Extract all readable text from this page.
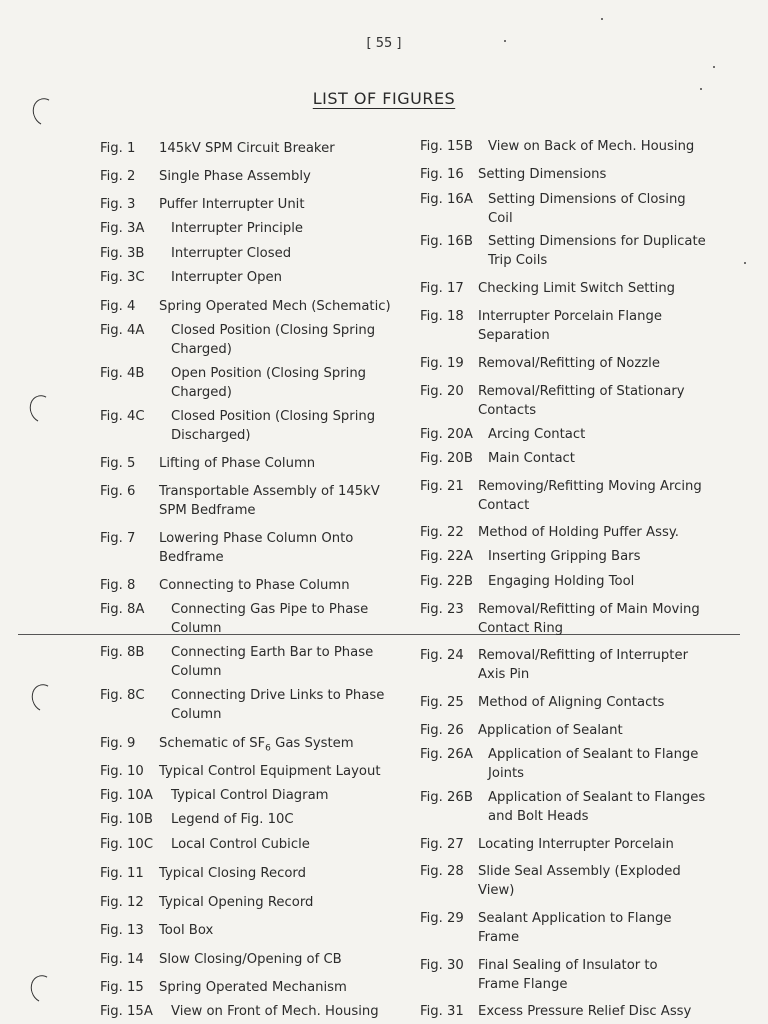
[ 55 ]
LIST OF FIGURES
Fig. 1 145kV SPM Circuit Breaker
Fig. 2 Single Phase Assembly
Fig. 3 Puffer Interrupter Unit
Fig. 3A Interrupter Principle
Fig. 3B Interrupter Closed
Fig. 3C Interrupter Open
Fig. 4 Spring Operated Mech (Schematic)
Fig. 4A Closed Position (Closing Spring
Charged)
Fig. 4B Open Position (Closing Spring
Charged)
Fig. 4C Closed Position (Closing Spring
Discharged)
Fig. 5 Lifting of Phase Column
Fig. 6 Transportable Assembly of 145kV
SPM Bedframe
Fig. 7 Lowering Phase Column Onto
Bedframe
Fig. 8 Connecting to Phase Column
Fig. 8A Connecting Gas Pipe to Phase
Column
Fig. 8B Connecting Earth Bar to Phase
Column
Fig. 8C Connecting Drive Links to Phase
Column
Fig. 9 Schematic of $SF_6$ Gas System
Fig. 10 Typical Control Equipment Layout
Fig. 10A Typical Control Diagram
Fig. 10B Legend of Fig. 10C
Fig. 10C Local Control Cubicle
Fig. 11 Typical Closing Record
Fig. 12 Typical Opening Record
Fig. 13 Tool Box
Fig. 14 Slow Closing/Opening of CB
Fig. 15 Spring Operated Mechanism
Fig. 15A View on Front of Mech. Housing
Fig. 15B View on Back of Mech. Housing
Fig. 16 Setting Dimensions
Fig. 16A Setting Dimensions of Closing
Coil
Fig. 16B Setting Dimensions for Duplicate
Trip Coils
Fig. 17 Checking Limit Switch Setting
Fig. 18 Interrupter Porcelain Flange
Separation
Fig. 19 Removal/Refitting of Nozzle
Fig. 20 Removal/Refitting of Stationary
Contacts
Fig. 20A Arcing Contact
Fig. 20B Main Contact
Fig. 21 Removing/Refitting Moving Arcing
Contact
Fig. 22 Method of Holding Puffer Assy.
Fig. 22A Inserting Gripping Bars
Fig. 22B Engaging Holding Tool
Fig. 23 Removal/Refitting of Main Moving
Contact Ring
Fig. 24 Removal/Refitting of Interrupter
Axis Pin
Fig. 25 Method of Aligning Contacts
Fig. 26 Application of Sealant
Fig. 26A Application of Sealant to Flange
Joints
Fig. 26B Application of Sealant to Flanges
and Bolt Heads
Fig. 27 Locating Interrupter Porcelain
Fig. 28 Slide Seal Assembly (Exploded
View)
Fig. 29 Sealant Application to Flange
Frame
Fig. 30 Final Sealing of Insulator to
Frame Flange
Fig. 31 Excess Pressure Relief Disc Assy
